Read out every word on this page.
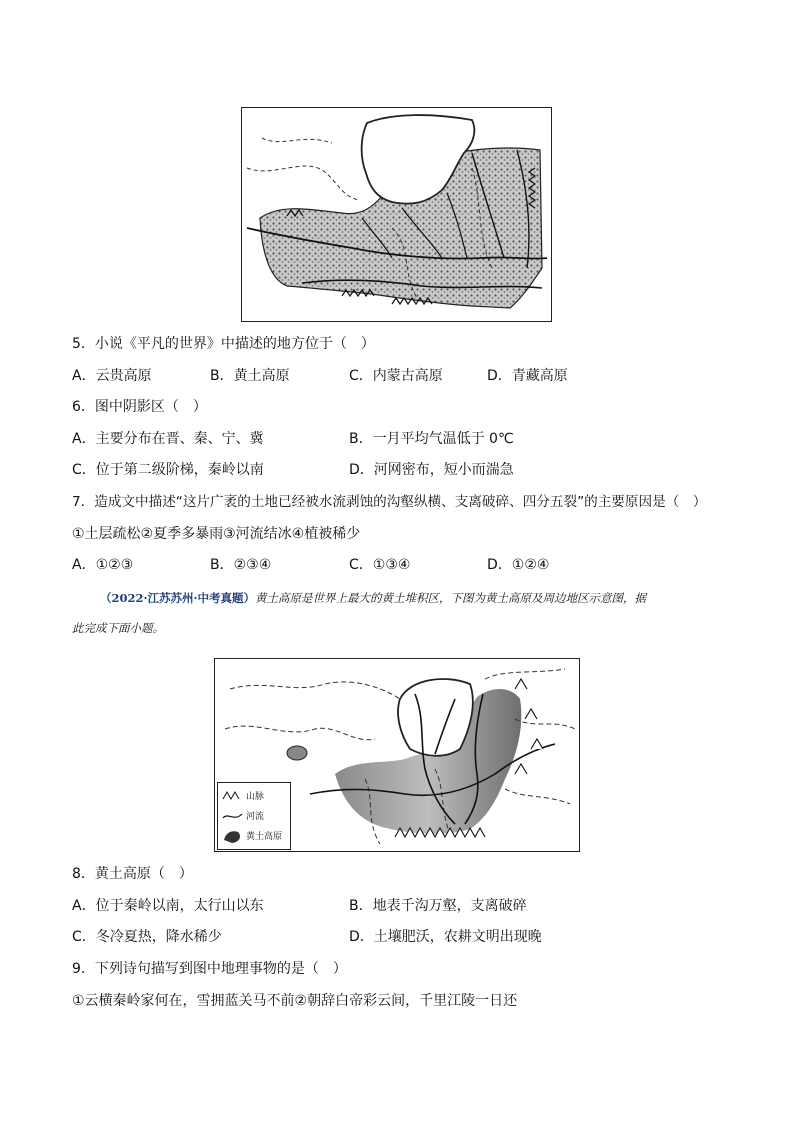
5．小说《平凡的世界》中描述的地方位于（　）
A．云贵高原	B．黄土高原	C．内蒙古高原	D．青藏高原
6．图中阴影区（　）
A．主要分布在晋、秦、宁、冀	B．一月平均气温低于 0℃
C．位于第二级阶梯，秦岭以南	D．河网密布，短小而湍急
7．造成文中描述“这片广袤的土地已经被水流剥蚀的沟壑纵横、支离破碎、四分五裂”的主要原因是（　）
①土层疏松②夏季多暴雨③河流结冰④植被稀少
A．①②③	B．②③④	C．①③④	D．①②④
（2022·江苏苏州·中考真题）黄土高原是世界上最大的黄土堆积区，下图为黄土高原及周边地区示意图，据
此完成下面小题。
山脉
河流
黄土高原
8．黄土高原（　）
A．位于秦岭以南，太行山以东	B．地表千沟万壑，支离破碎
C．冬冷夏热，降水稀少	D．土壤肥沃，农耕文明出现晚
9．下列诗句描写到图中地理事物的是（　）
①云横秦岭家何在，雪拥蓝关马不前②朝辞白帝彩云间，千里江陵一日还
